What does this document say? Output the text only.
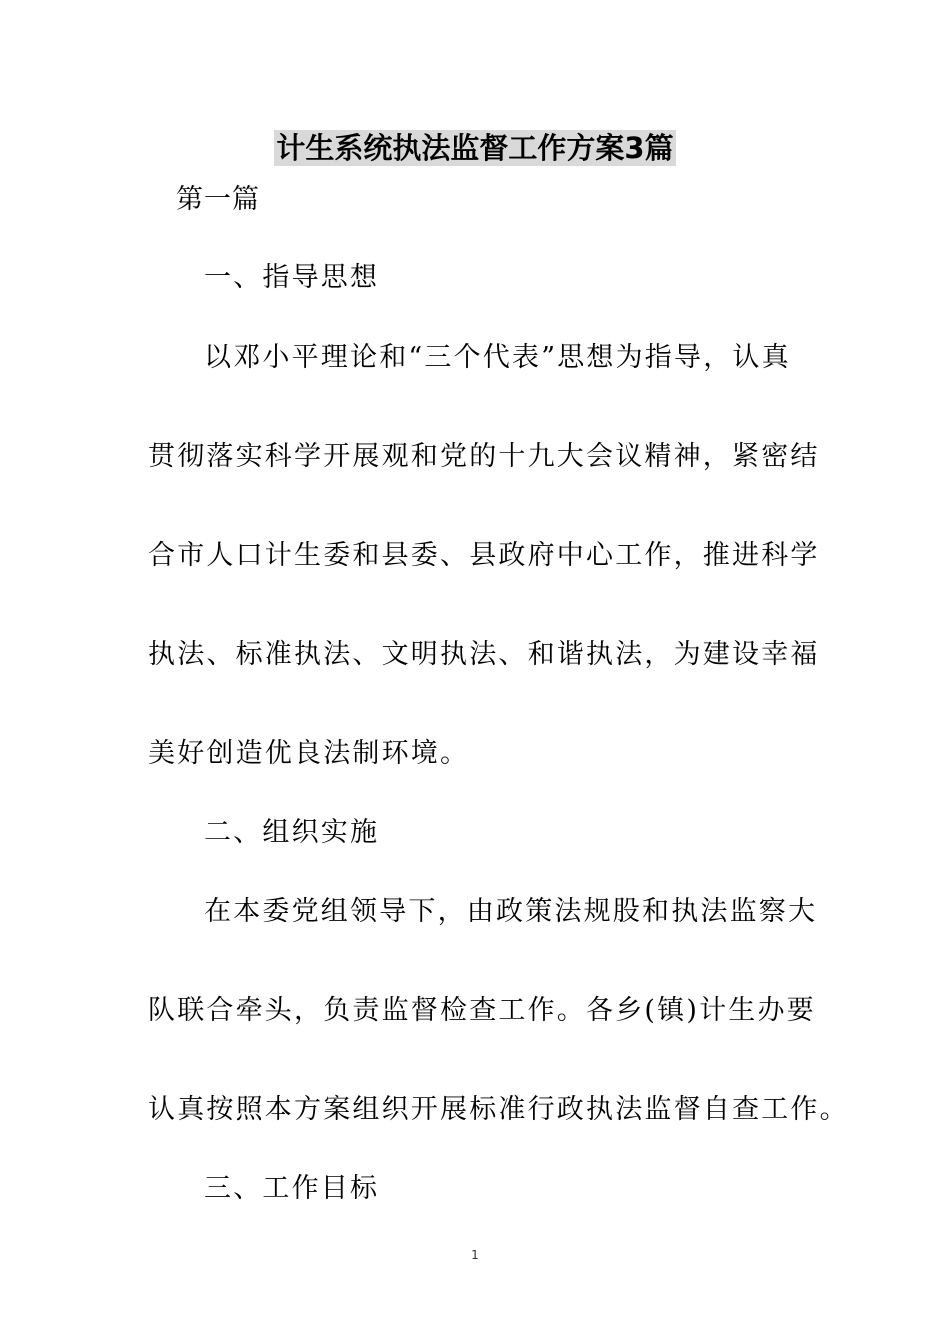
计生系统执法监督工作方案3篇
第一篇
一、指导思想
以邓小平理论和“三个代表”思想为指导，认真
贯彻落实科学开展观和党的十九大会议精神，紧密结
合市人口计生委和县委、县政府中心工作，推进科学
执法、标准执法、文明执法、和谐执法，为建设幸福
美好创造优良法制环境。
二、组织实施
在本委党组领导下，由政策法规股和执法监察大
队联合牵头，负责监督检查工作。各乡(镇)计生办要
认真按照本方案组织开展标准行政执法监督自查工作。
三、工作目标
1
